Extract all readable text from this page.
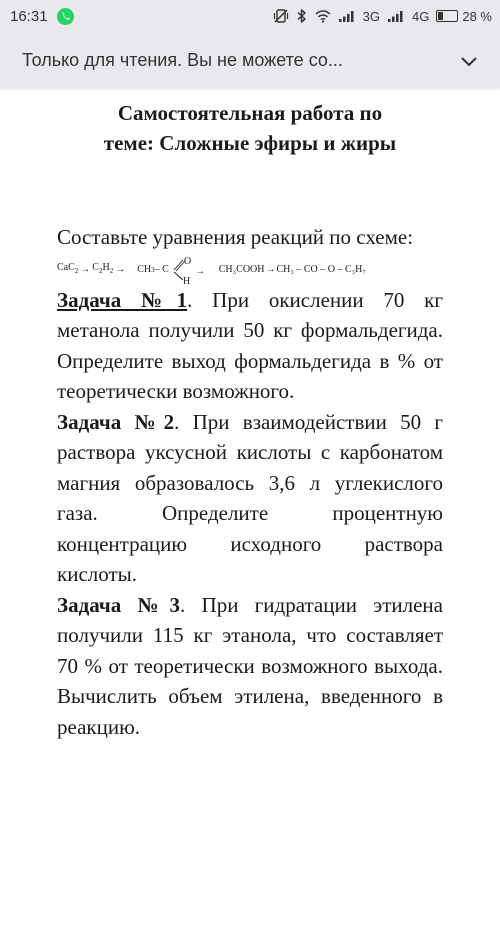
16:31	3G 4G	28 %
Только для чтения. Вы не можете со...
Самостоятельная работа по
теме: Сложные эфиры и жиры
Составьте уравнения реакций по схеме:
$CaC_2 \to C_2H_2$ → CH 3 – C
O
H
→ CH₃COOH → CH₃ – CO – O – C₃H₇
Задача №1. При окислении 70 кг метанола получили 50 кг формальдегида. Определите выход формальдегида в % от теоретически возможного.
Задача №2. При взаимодействии 50 г раствора уксусной кислоты с карбонатом магния образовалось 3,6 л углекислого газа. Определите процентную концентрацию исходного раствора кислоты.
Задача №3. При гидратации этилена получили 115 кг этанола, что составляет 70 % от теоретически возможного выхода. Вычислить объем этилена, введенного в реакцию.
